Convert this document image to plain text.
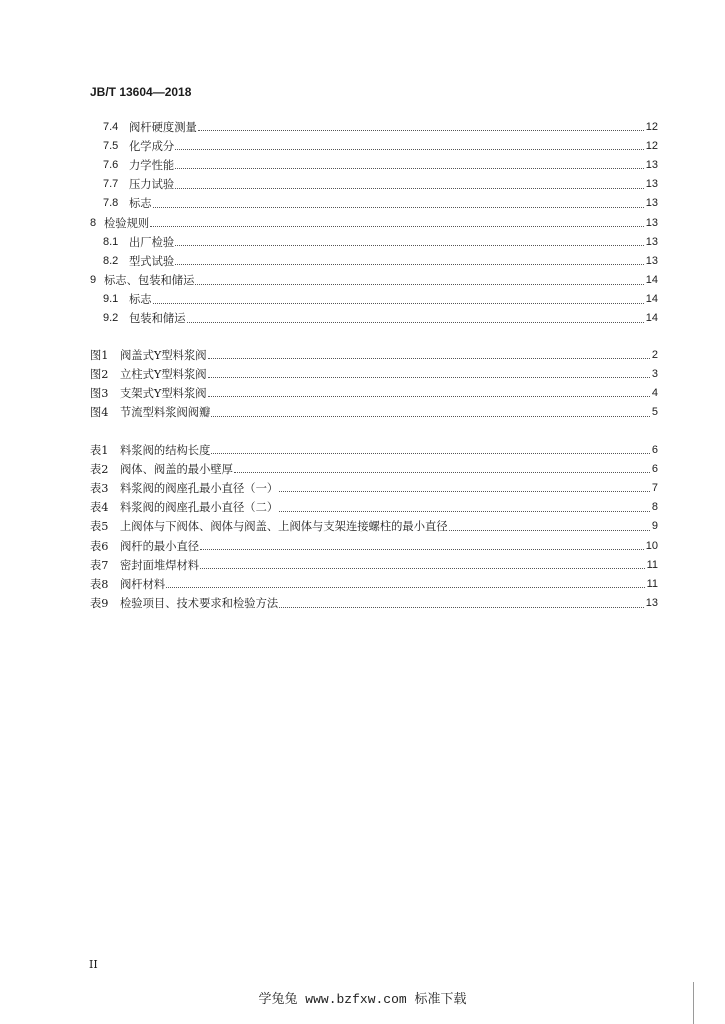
JB/T 13604—2018
7.4 阀杆硬度测量	12
7.5 化学成分	12
7.6 力学性能	13
7.7 压力试验	13
7.8 标志	13
8 检验规则	13
8.1 出厂检验	13
8.2 型式试验	13
9 标志、包装和储运	14
9.1 标志	14
9.2 包装和储运	14
图1	阀盖式Y型料浆阀	2
图2	立柱式Y型料浆阀	3
图3	支架式Y型料浆阀	4
图4	节流型料浆阀阀瓣	5
表1	料浆阀的结构长度	6
表2	阀体、阀盖的最小壁厚	6
表3	料浆阀的阀座孔最小直径（一）	7
表4	料浆阀的阀座孔最小直径（二）	8
表5	上阀体与下阀体、阀体与阀盖、上阀体与支架连接螺柱的最小直径	9
表6	阀杆的最小直径	10
表7	密封面堆焊材料	11
表8	阀杆材料	11
表9	检验项目、技术要求和检验方法	13
II
学兔兔 www.bzfxw.com 标准下载
